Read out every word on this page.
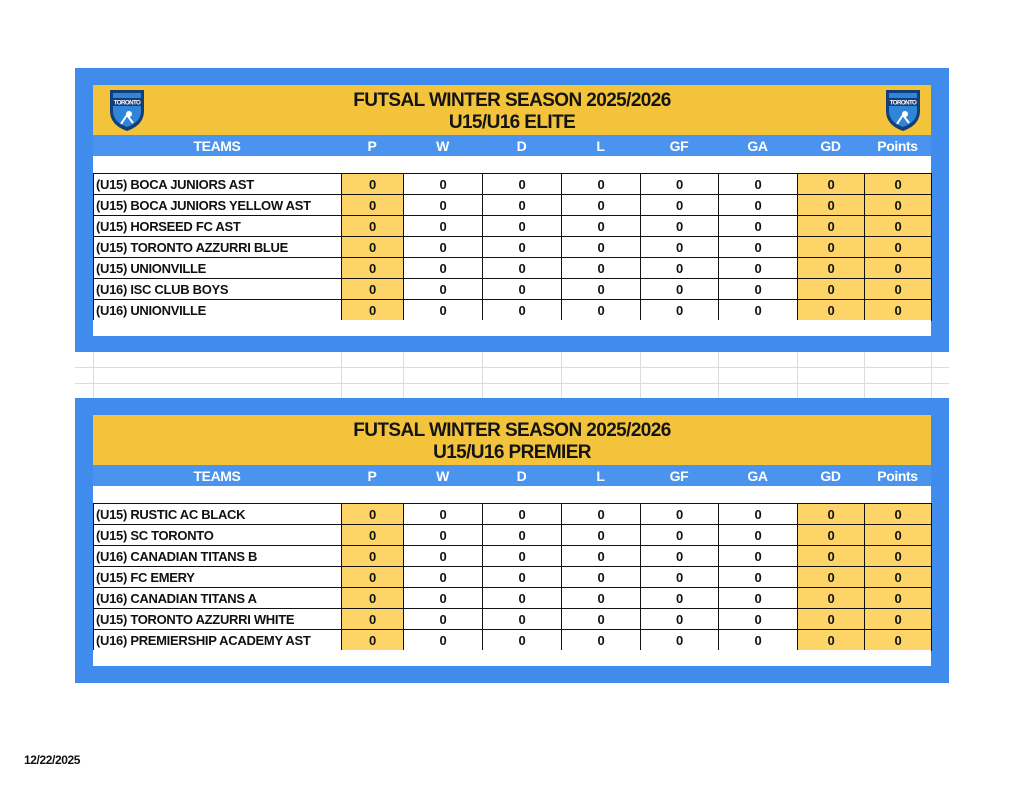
FUTSAL WINTER SEASON 2025/2026
U15/U16 ELITE
TORONTO	TORONTO
TEAMS	P	W	D	L	GF	GA	GD	Points
(U15) BOCA JUNIORS AST	0	0	0	0	0	0	0	0
(U15) BOCA JUNIORS YELLOW AST	0	0	0	0	0	0	0	0
(U15) HORSEED FC AST	0	0	0	0	0	0	0	0
(U15) TORONTO AZZURRI BLUE	0	0	0	0	0	0	0	0
(U15) UNIONVILLE	0	0	0	0	0	0	0	0
(U16) ISC CLUB BOYS	0	0	0	0	0	0	0	0
(U16) UNIONVILLE	0	0	0	0	0	0	0	0
FUTSAL WINTER SEASON 2025/2026
U15/U16 PREMIER
TEAMS	P	W	D	L	GF	GA	GD	Points
(U15) RUSTIC AC BLACK	0	0	0	0	0	0	0	0
(U15) SC TORONTO	0	0	0	0	0	0	0	0
(U16) CANADIAN TITANS B	0	0	0	0	0	0	0	0
(U15) FC EMERY	0	0	0	0	0	0	0	0
(U16) CANADIAN TITANS A	0	0	0	0	0	0	0	0
(U15) TORONTO AZZURRI WHITE	0	0	0	0	0	0	0	0
(U16) PREMIERSHIP ACADEMY AST	0	0	0	0	0	0	0	0
12/22/2025
